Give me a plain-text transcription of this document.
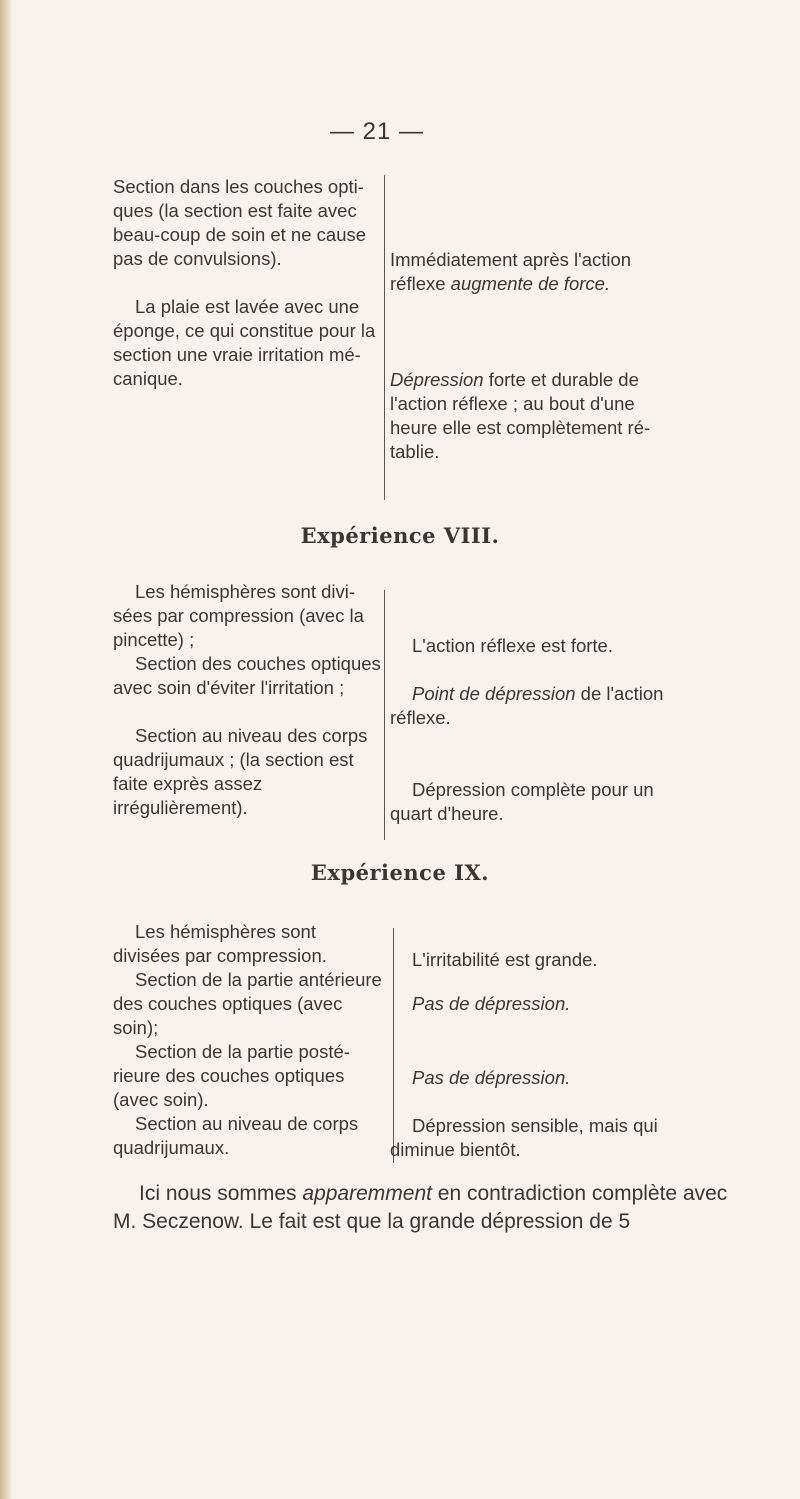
— 21 —

Section dans les couches opti-ques (la section est faite avec beau-coup de soin et ne cause pas de convulsions).

La plaie est lavée avec une éponge, ce qui constitue pour la section une vraie irritation mé-canique.

Immédiatement après l'action réflexe augmente de force.

Dépression forte et durable de l'action réflexe ; au bout d'une heure elle est complètement ré-tablie.

Expérience VIII.

Les hémisphères sont divi-sées par compression (avec la pincette) ;

Section des couches optiques avec soin d'éviter l'irritation ;

Section au niveau des corps quadrijumaux ; (la section est faite exprès assez irrégulièrement).

L'action réflexe est forte.

Point de dépression de l'action réflexe.

Dépression complète pour un quart d'heure.

Expérience IX.

Les hémisphères sont divisées par compression.

Section de la partie antérieure des couches optiques (avec soin);

Section de la partie posté-rieure des couches optiques (avec soin).

Section au niveau de corps quadrijumaux.

L'irritabilité est grande.

Pas de dépression.

Pas de dépression.

Dépression sensible, mais qui diminue bientôt.

Ici nous sommes apparemment en contradiction complète avec M. Seczenow. Le fait est que la grande dépression de 5
